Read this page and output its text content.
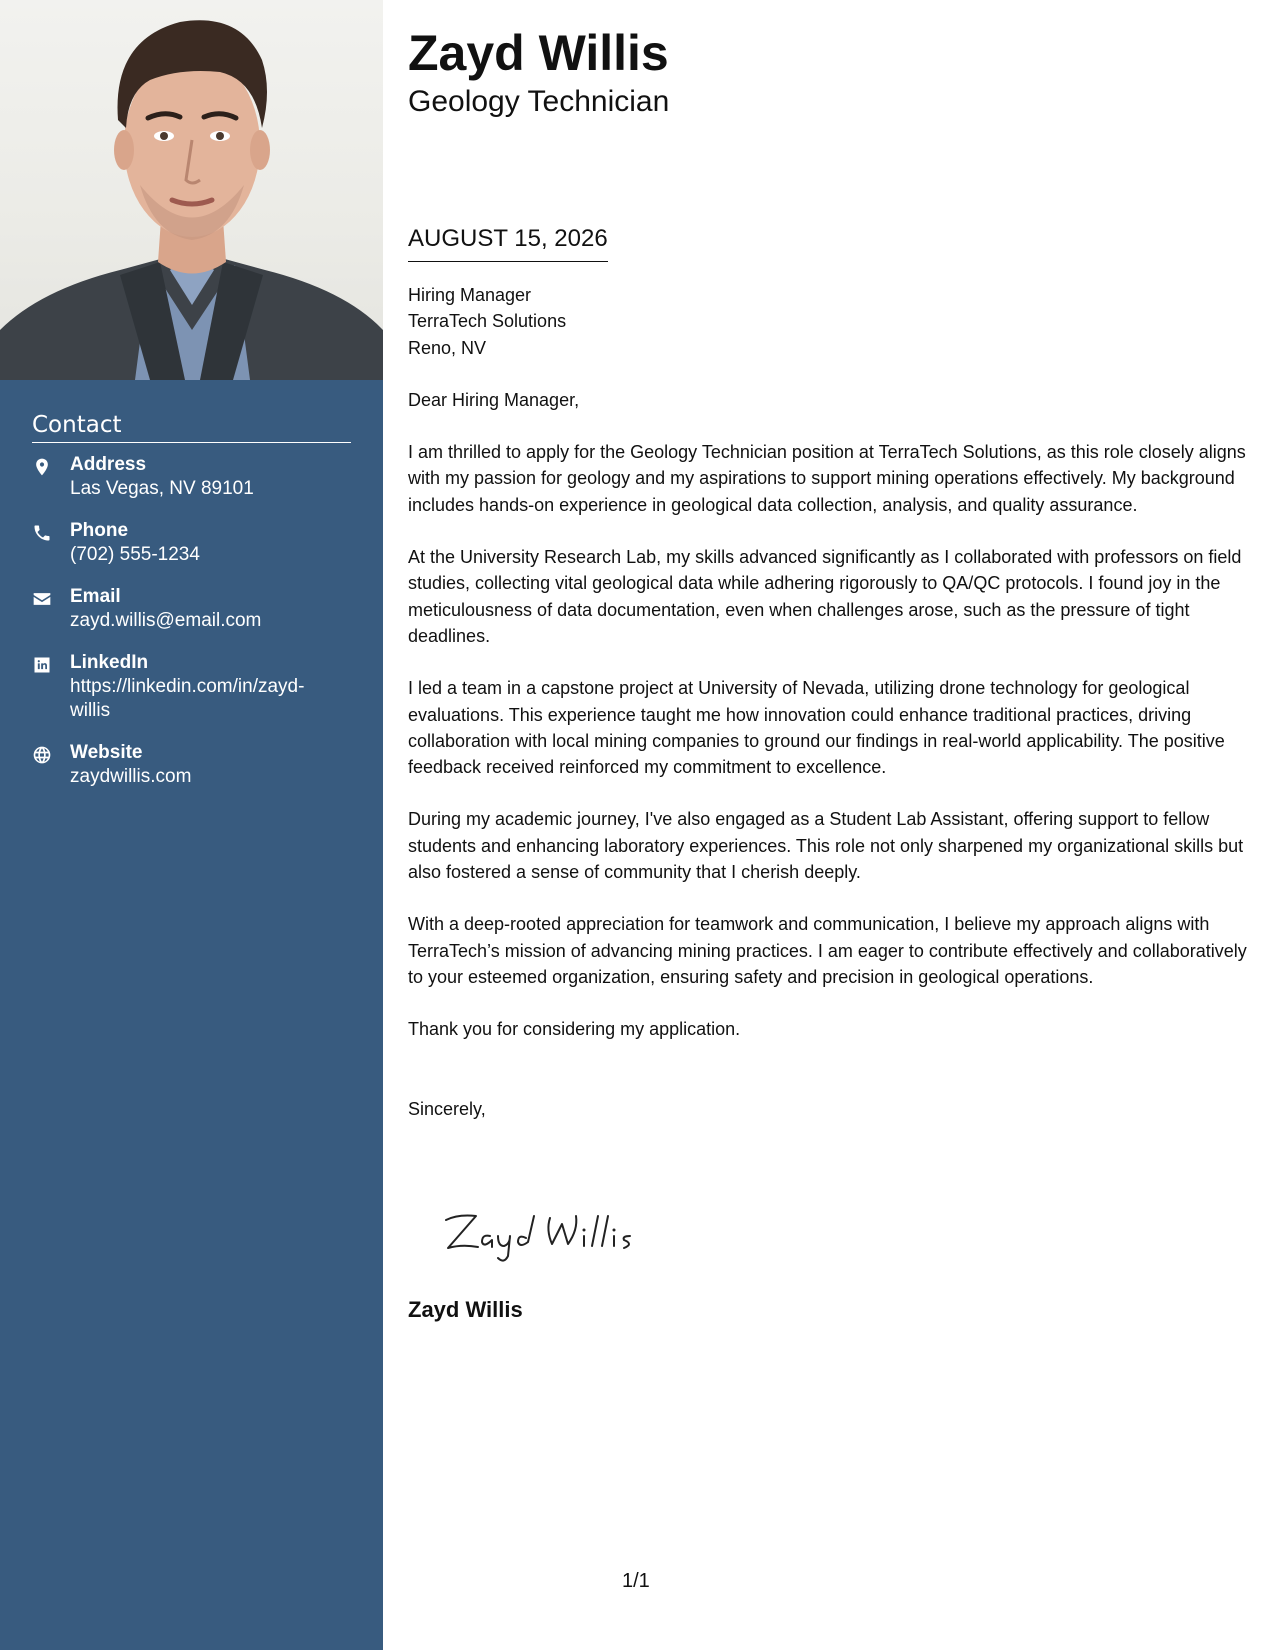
Contact
Address
Las Vegas, NV 89101
Phone
(702) 555-1234
Email
zayd.willis@email.com
LinkedIn
https://linkedin.com/in/zayd-
willis
Website
zaydwillis.com
Zayd Willis
Geology Technician
AUGUST 15, 2026
Hiring Manager
TerraTech Solutions
Reno, NV
Dear Hiring Manager,
I am thrilled to apply for the Geology Technician position at TerraTech Solutions, as this role closely aligns with my passion for geology and my aspirations to support mining operations effectively. My background includes hands-on experience in geological data collection, analysis, and quality assurance.
At the University Research Lab, my skills advanced significantly as I collaborated with professors on field studies, collecting vital geological data while adhering rigorously to QA/QC protocols. I found joy in the meticulousness of data documentation, even when challenges arose, such as the pressure of tight deadlines.
I led a team in a capstone project at University of Nevada, utilizing drone technology for geological evaluations. This experience taught me how innovation could enhance traditional practices, driving collaboration with local mining companies to ground our findings in real-world applicability. The positive feedback received reinforced my commitment to excellence.
During my academic journey, I've also engaged as a Student Lab Assistant, offering support to fellow students and enhancing laboratory experiences. This role not only sharpened my organizational skills but also fostered a sense of community that I cherish deeply.
With a deep-rooted appreciation for teamwork and communication, I believe my approach aligns with TerraTech’s mission of advancing mining practices. I am eager to contribute effectively and collaboratively to your esteemed organization, ensuring safety and precision in geological operations.
Thank you for considering my application.
Sincerely,
Zayd Willis
1/1
